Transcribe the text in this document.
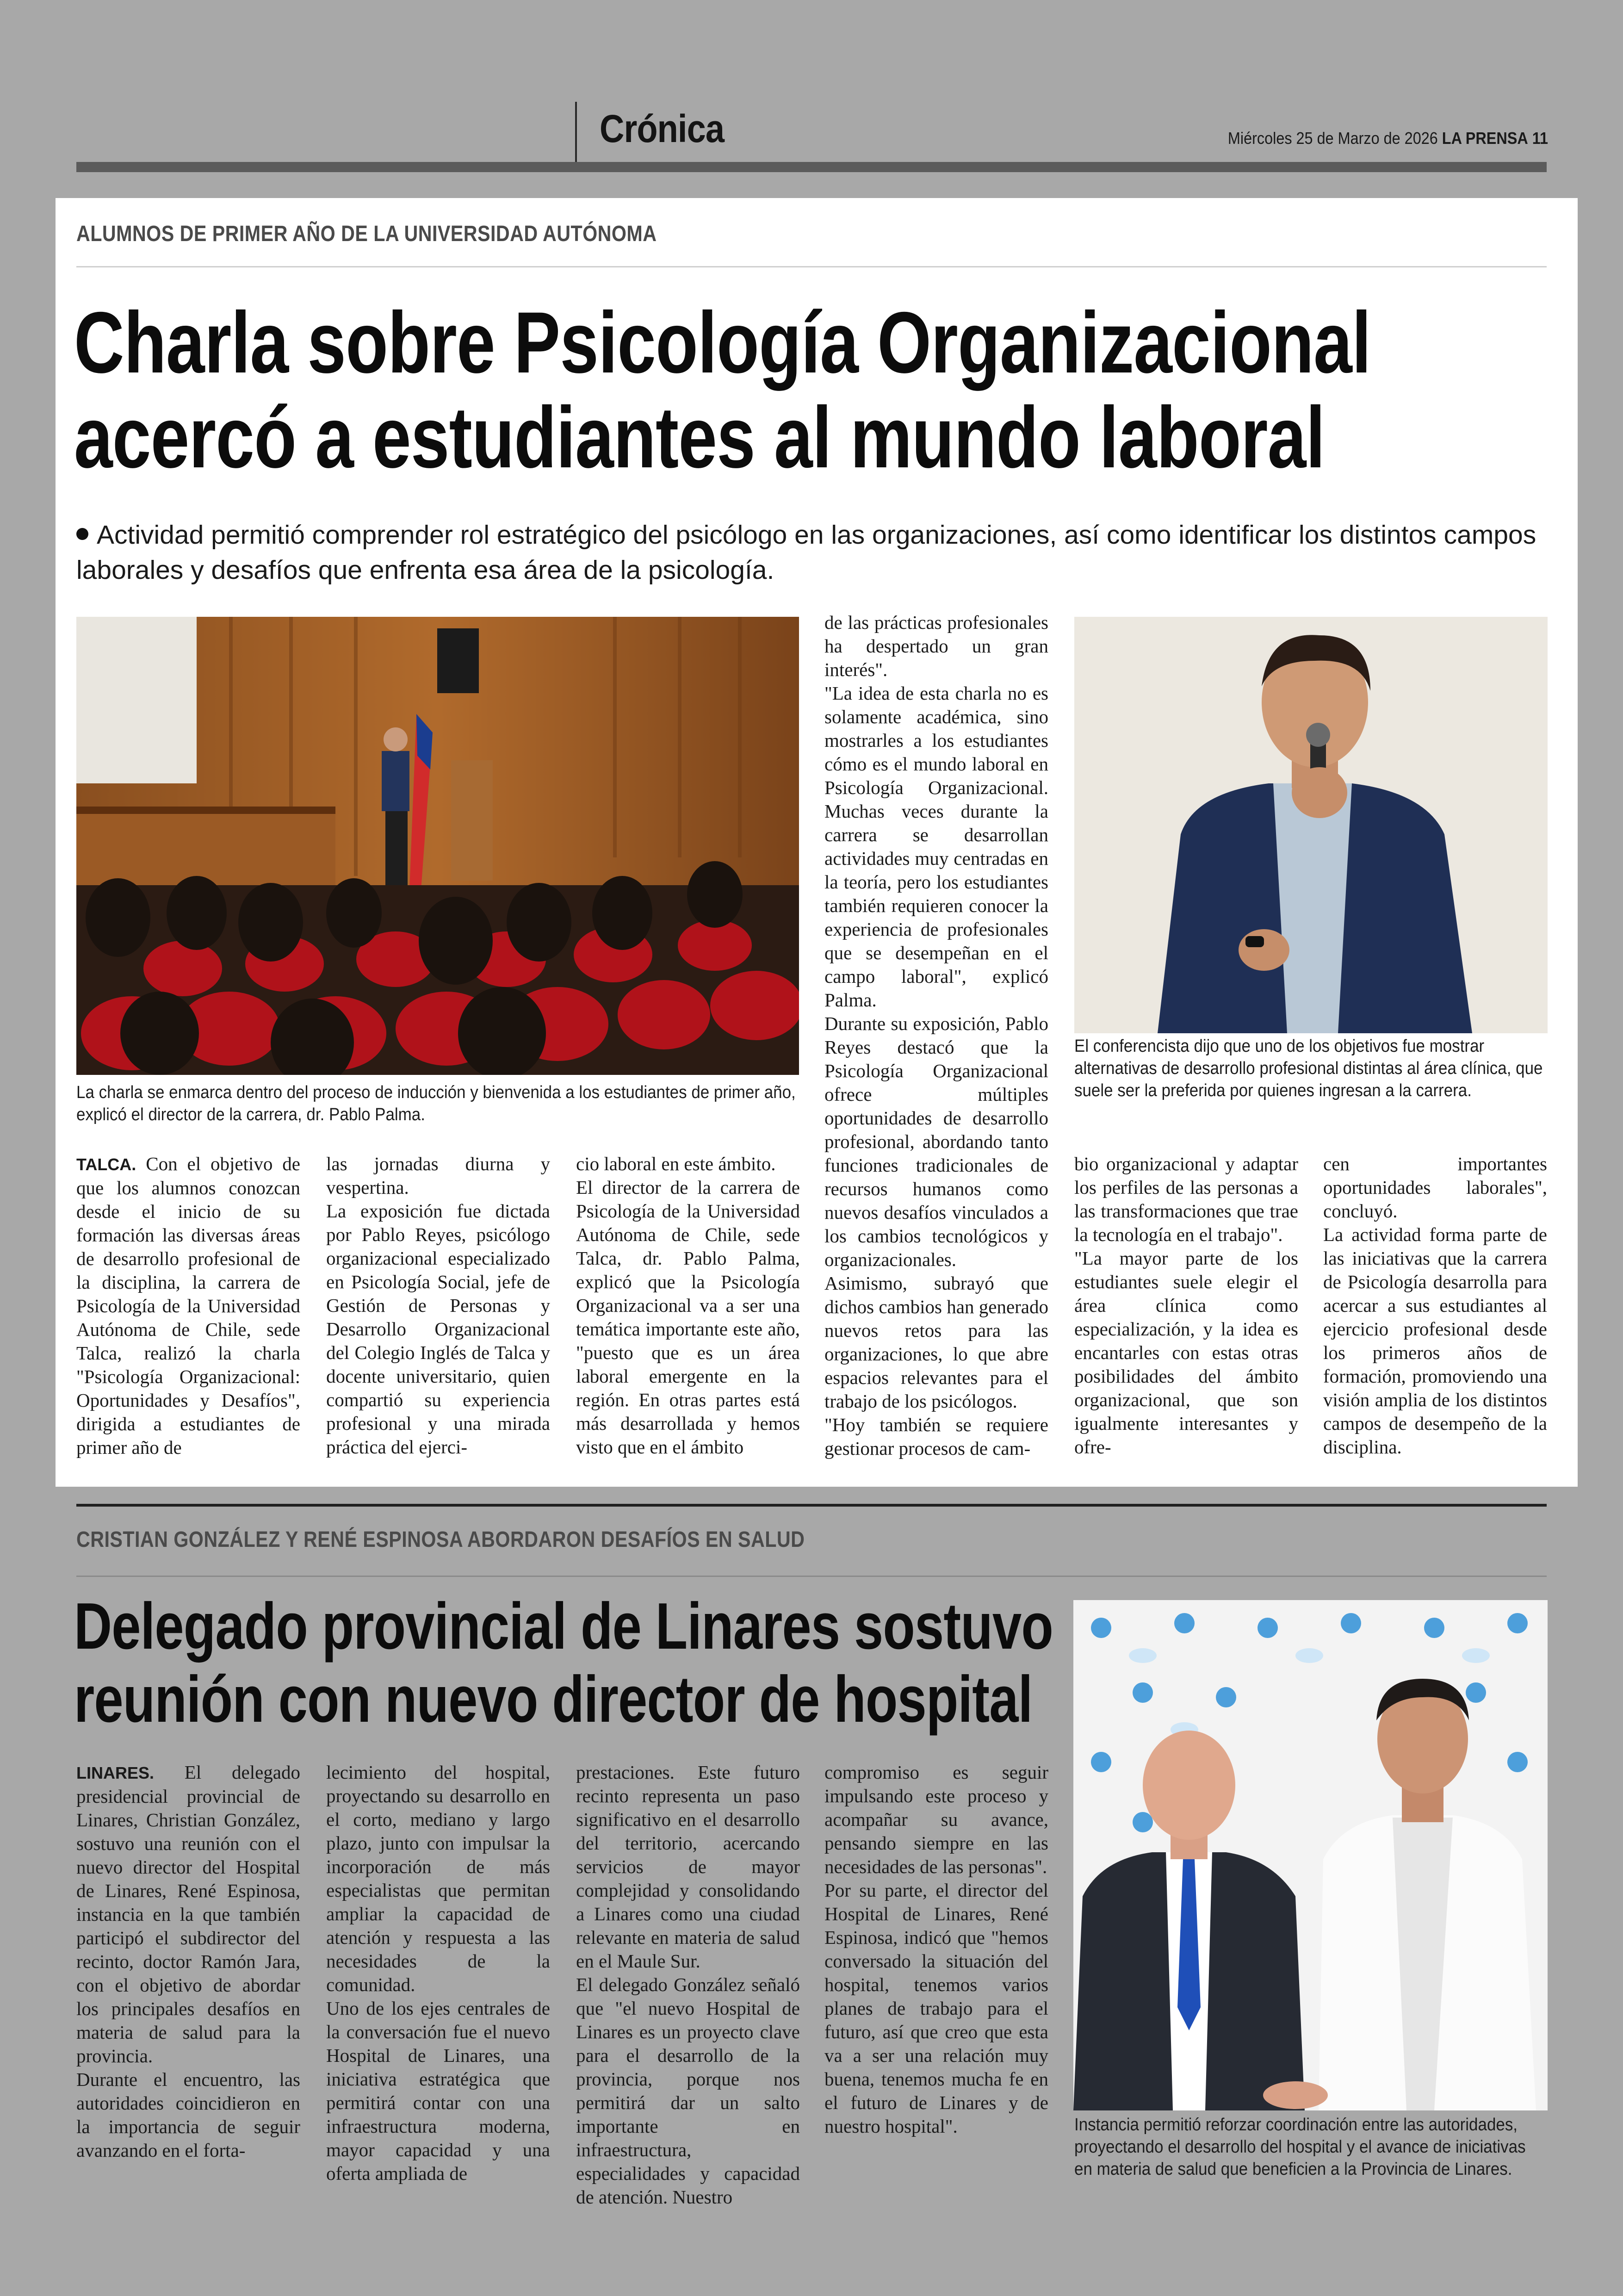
Crónica	Miércoles 25 de Marzo de 2026 LA PRENSA 11
ALUMNOS DE PRIMER AÑO DE LA UNIVERSIDAD AUTÓNOMA
Charla sobre Psicología Organizacional
acercó a estudiantes al mundo laboral
Actividad permitió comprender rol estratégico del psicólogo en las organizaciones, así como identificar los distintos campos laborales y desafíos que enfrenta esa área de la psicología.
La charla se enmarca dentro del proceso de inducción y bienvenida a los estudiantes de primer año, explicó el director de la carrera, dr. Pablo Palma.
El conferencista dijo que uno de los objetivos fue mostrar alternativas de desarrollo profesional distintas al área clínica, que suele ser la preferida por quienes ingresan a la carrera.
TALCA. Con el objetivo de que los alumnos conozcan desde el inicio de su formación las diversas áreas de desarrollo profesional de la disciplina, la carrera de Psicología de la Universidad Autónoma de Chile, sede Talca, realizó la charla "Psicología Organizacional: Oportunidades y Desafíos", dirigida a estudiantes de primer año de
las jornadas diurna y vespertina.
La exposición fue dictada por Pablo Reyes, psicólogo organizacional especializado en Psicología Social, jefe de Gestión de Personas y Desarrollo Organizacional del Colegio Inglés de Talca y docente universitario, quien compartió su experiencia profesional y una mirada práctica del ejerci-
cio laboral en este ámbito.
El director de la carrera de Psicología de la Universidad Autónoma de Chile, sede Talca, dr. Pablo Palma, explicó que la Psicología Organizacional va a ser una temática importante este año, "puesto que es un área laboral emergente en la región. En otras partes está más desarrollada y hemos visto que en el ámbito
de las prácticas profesionales ha despertado un gran interés".
"La idea de esta charla no es solamente académica, sino mostrarles a los estudiantes cómo es el mundo laboral en Psicología Organizacional. Muchas veces durante la carrera se desarrollan actividades muy centradas en la teoría, pero los estudiantes también requieren conocer la experiencia de profesionales que se desempeñan en el campo laboral", explicó Palma.
Durante su exposición, Pablo Reyes destacó que la Psicología Organizacional ofrece múltiples oportunidades de desarrollo profesional, abordando tanto funciones tradicionales de recursos humanos como nuevos desafíos vinculados a los cambios tecnológicos y organizacionales.
Asimismo, subrayó que dichos cambios han generado nuevos retos para las organizaciones, lo que abre espacios relevantes para el trabajo de los psicólogos.
"Hoy también se requiere gestionar procesos de cam-
bio organizacional y adaptar los perfiles de las personas a las transformaciones que trae la tecnología en el trabajo".
"La mayor parte de los estudiantes suele elegir el área clínica como especialización, y la idea es encantarles con estas otras posibilidades del ámbito organizacional, que son igualmente interesantes y ofre-
cen importantes oportunidades laborales", concluyó.
La actividad forma parte de las iniciativas que la carrera de Psicología desarrolla para acercar a sus estudiantes al ejercicio profesional desde los primeros años de formación, promoviendo una visión amplia de los distintos campos de desempeño de la disciplina.
CRISTIAN GONZÁLEZ Y RENÉ ESPINOSA ABORDARON DESAFÍOS EN SALUD
Delegado provincial de Linares sostuvo
reunión con nuevo director de hospital
LINARES. El delegado presidencial provincial de Linares, Christian González, sostuvo una reunión con el nuevo director del Hospital de Linares, René Espinosa, instancia en la que también participó el subdirector del recinto, doctor Ramón Jara, con el objetivo de abordar los principales desafíos en materia de salud para la provincia.
Durante el encuentro, las autoridades coincidieron en la importancia de seguir avanzando en el forta-
lecimiento del hospital, proyectando su desarrollo en el corto, mediano y largo plazo, junto con impulsar la incorporación de más especialistas que permitan ampliar la capacidad de atención y respuesta a las necesidades de la comunidad.
Uno de los ejes centrales de la conversación fue el nuevo Hospital de Linares, una iniciativa estratégica que permitirá contar con una infraestructura moderna, mayor capacidad y una oferta ampliada de
prestaciones. Este futuro recinto representa un paso significativo en el desarrollo del territorio, acercando servicios de mayor complejidad y consolidando a Linares como una ciudad relevante en materia de salud en el Maule Sur.
El delegado González señaló que "el nuevo Hospital de Linares es un proyecto clave para el desarrollo de la provincia, porque nos permitirá dar un salto importante en infraestructura, especialidades y capacidad de atención. Nuestro
compromiso es seguir impulsando este proceso y acompañar su avance, pensando siempre en las necesidades de las personas".
Por su parte, el director del Hospital de Linares, René Espinosa, indicó que "hemos conversado la situación del hospital, tenemos varios planes de trabajo para el futuro, así que creo que esta va a ser una relación muy buena, tenemos mucha fe en el futuro de Linares y de nuestro hospital".	Instancia permitió reforzar coordinación entre las autoridades, proyectando el desarrollo del hospital y el avance de iniciativas en materia de salud que beneficien a la Provincia de Linares.
